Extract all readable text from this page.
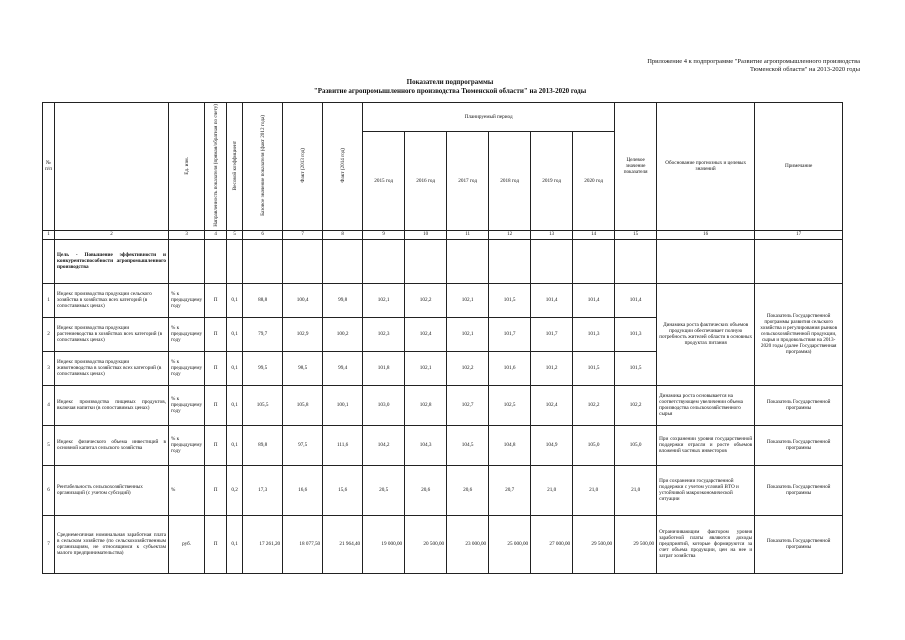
Приложение 4 к подпрограмме "Развитие агропромышленного производства
Тюменской области" на 2013-2020 годы
Показатели подпрограммы
"Развитие агропромышленного производства Тюменской области" на 2013-2020 годы
№ п/п		Ед. изм.	Направленность показателя (прямая/обратная по счету)	Весовой коэффициент	Базовое значение показателя (факт 2012 года)	Факт (2013 год)	Факт (2014 год)	Планируемый период						Целевое значение показателя	Обоснование прогнозных и целевых значений	Примечание
								2015 год	2016 год	2017 год	2018 год	2019 год	2020 год			
1	2	3	4	5	6	7	8	9	10	11	12	13	14	15	16	17
	Цель - Повышение эффективности и конкурентоспособности агропромышленного производства															
1	Индекс производства продукции сельского хозяйства в хозяйствах всех категорий (в сопоставимых ценах)	% к предыдущему году	П	0,1	88,8	100,4	99,8	102,1	102,2	102,1	101,5	101,4	101,4	101,4	Динамика роста фактических объемов продукции обеспечивает полную потребность жителей области в основных продуктах питания	Показатель Государственной программы развития сельского хозяйства и регулирования рынков сельскохозяйственной продукции, сырья и продовольствия на 2013-2020 годы (далее Государственная программа)
2	Индекс производства продукции растениеводства в хозяйствах всех категорий (в сопоставимых ценах)	% к предыдущему году	П	0,1	79,7	102,9	100,2	102,3	102,4	102,1	101,7	101,7	101,3	101,3		
3	Индекс производства продукции животноводства в хозяйствах всех категорий (в сопоставимых ценах)	% к предыдущему году	П	0,1	99,5	98,5	99,4	101,8	102,1	102,2	101,6	101,2	101,5	101,5		
4	Индекс производства пищевых продуктов, включая напитки (в сопоставимых ценах)	% к предыдущему году	П	0,1	105,5	105,8	100,1	103,0	102,8	102,7	102,5	102,4	102,2	102,2	Динамика роста основывается на соответствующем увеличении объема производства сельскохозяйственного сырья	Показатель Государственной программы
5	Индекс физического объема инвестиций в основной капитал сельского хозяйства	% к предыдущему году	П	0,1	89,8	97,5	111,6	104,2	104,3	104,5	104,8	104,9	105,0	105,0	При сохранении уровня государственной поддержки отрасли и росте объемов вложений частных инвесторов	Показатель Государственной программы
6	Рентабельность сельскохозяйственных организаций (с учетом субсидий)	%	П	0,2	17,3	16,6	15,6	20,5	20,6	20,6	20,7	21,0	21,0	21,0	При сохранении государственной поддержки с учетом условий ВТО и устойчивой макроэкономической ситуации	Показатель Государственной программы
7	Среднемесячная номинальная заработная плата в сельском хозяйстве (по сельскохозяйственным организациям, не относящимся к субъектам малого предпринимательства)	руб.	П	0,1	17 261,20	18 077,50	21 964,40	19 000,00	20 500,00	23 000,00	25 000,00	27 000,00	29 500,00	29 500,00	Ограничивающим фактором уровня заработной платы являются доходы предприятий, которые формируются за счет объема продукции, цен на нее и затрат хозяйства	Показатель Государственной программы
